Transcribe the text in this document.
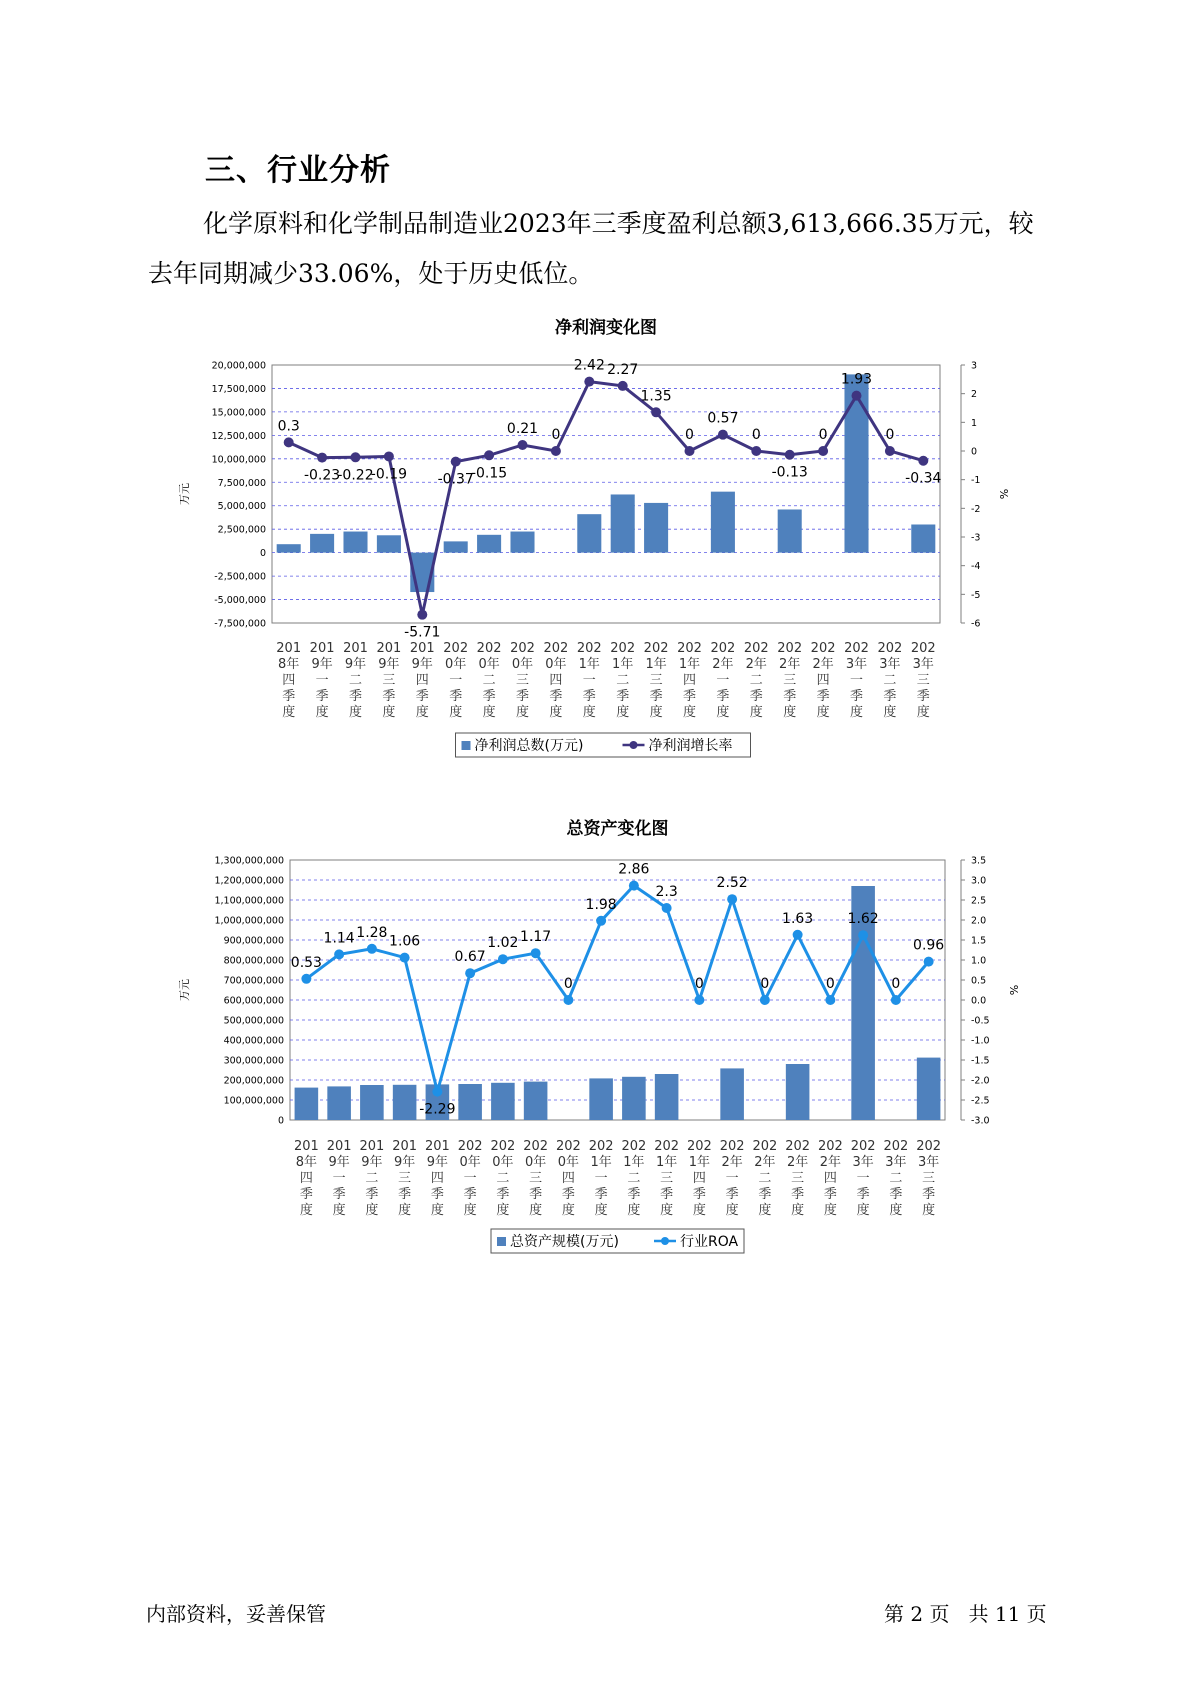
三、行业分析
化学原料和化学制品制造业2023年三季度盈利总额3,613,666.35万元，较去年同期减少33.06%，处于历史低位。
净利润变化图
20,000,000
17,500,000
15,000,000
12,500,000
10,000,000
7,500,000
5,000,000
2,500,000
0
-2,500,000
-5,000,000
-7,500,000
万元
3
2
1
0
-1
-2
-3
-4
-5
-6
%
201 8年四季度
201 9年一季度
201 9年二季度
201 9年三季度
201 9年四季度
202 0年一季度
202 0年二季度
202 0年三季度
202 0年四季度
202 1年一季度
202 1年二季度
202 1年三季度
202 1年四季度
202 2年一季度
202 2年二季度
202 2年三季度
202 2年四季度
202 3年一季度
202 3年二季度
202 3年三季度
0.3
-0.23
-0.22
-0.19
-5.71
-0.37
-0.15
0.21 0
2.42 2.27
1.35
0
0.57
0
-0.13
0
1.93
0
-0.34
净利润总数(万元)	净利润增长率
总资产变化图
1,300,000,000
1,200,000,000
1,100,000,000
1,000,000,000
900,000,000
800,000,000
700,000,000
600,000,000
500,000,000
400,000,000
300,000,000
200,000,000
100,000,000
0
万元
3.5
3.0
2.5
2.0
1.5
1.0
0.5
0.0
-0.5
-1.0
-1.5
-2.0
-2.5
-3.0
%
201 8年四季度
201 9年一季度
201 9年二季度
201 9年三季度
201 9年四季度
202 0年一季度
202 0年二季度
202 0年三季度
202 0年四季度
202 1年一季度
202 1年二季度
202 1年三季度
202 1年四季度
202 2年一季度
202 2年二季度
202 2年三季度
202 2年四季度
202 3年一季度
202 3年二季度
202 3年三季度
0.53
1.14 1.28
1.06
-2.29
0.67
1.02 1.17
0
1.98
2.86
2.3
0
2.52
0
1.63
0
1.62
0
0.96
总资产规模(万元)	行业ROA
内部资料，妥善保管	第 2 页   共 11 页
